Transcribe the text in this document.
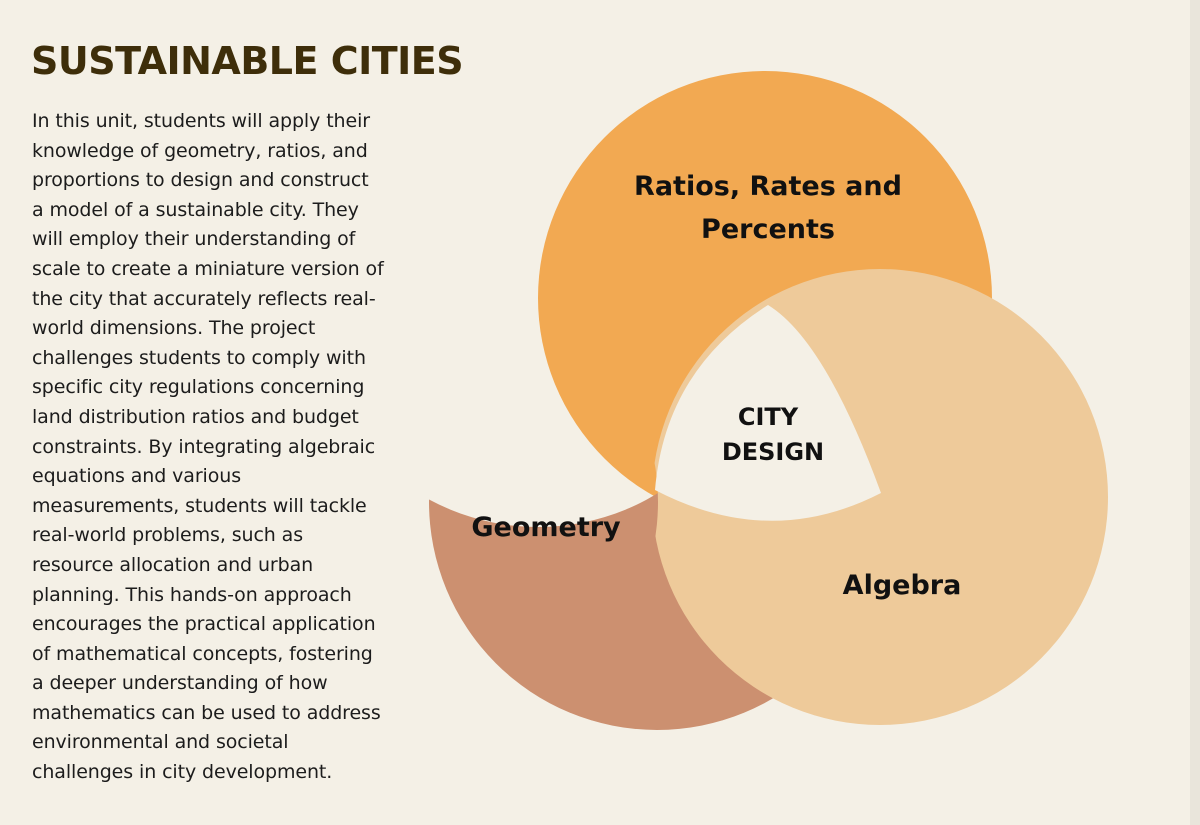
SUSTAINABLE CITIES

In this unit, students will apply their
knowledge of geometry, ratios, and
proportions to design and construct
a model of a sustainable city. They
will employ their understanding of
scale to create a miniature version of
the city that accurately reflects real-
world dimensions. The project
challenges students to comply with
specific city regulations concerning
land distribution ratios and budget
constraints. By integrating algebraic
equations and various
measurements, students will tackle
real-world problems, such as
resource allocation and urban
planning. This hands-on approach
encourages the practical application
of mathematical concepts, fostering
a deeper understanding of how
mathematics can be used to address
environmental and societal
challenges in city development.

Ratios, Rates and
Percents
Geometry
Algebra
CITY
DESIGN
